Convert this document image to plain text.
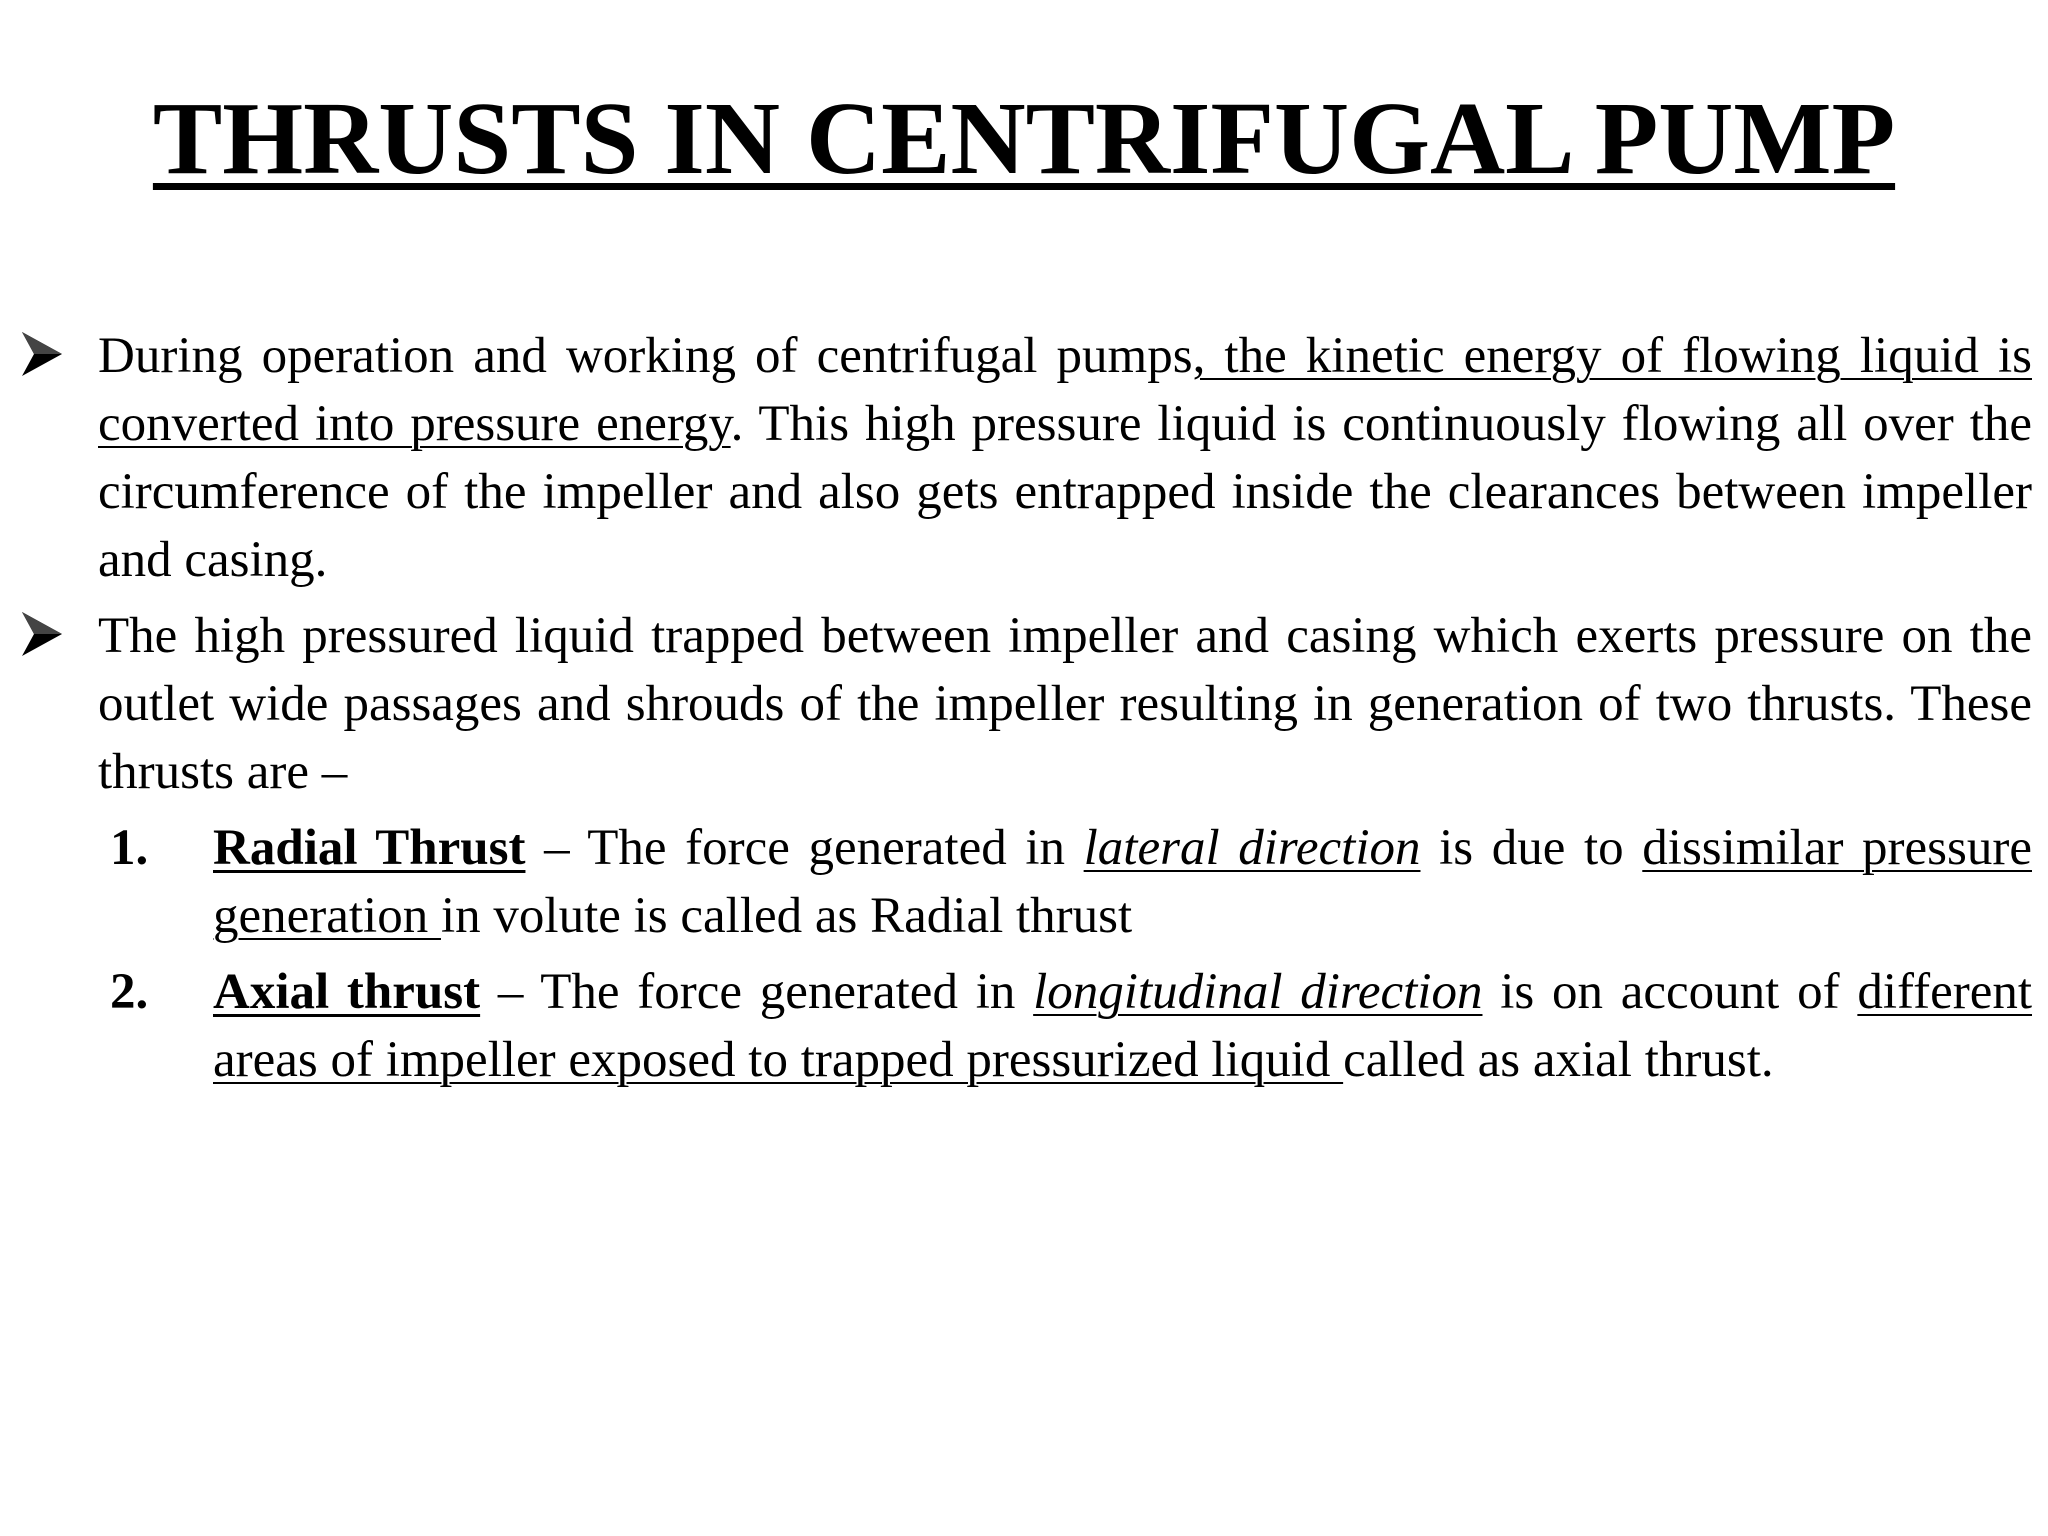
THRUSTS IN CENTRIFUGAL PUMP
During operation and working of centrifugal pumps, the kinetic energy of flowing liquid is converted into pressure energy. This high pressure liquid is continuously flowing all over the circumference of the impeller and also gets entrapped inside the clearances between impeller and casing.
The high pressured liquid trapped between impeller and casing which exerts pressure on the outlet wide passages and shrouds of the impeller resulting in generation of two thrusts. These thrusts are –
1. Radial Thrust – The force generated in lateral direction is due to dissimilar pressure generation in volute is called as Radial thrust
2. Axial thrust – The force generated in longitudinal direction is on account of different areas of impeller exposed to trapped pressurized liquid called as axial thrust.
